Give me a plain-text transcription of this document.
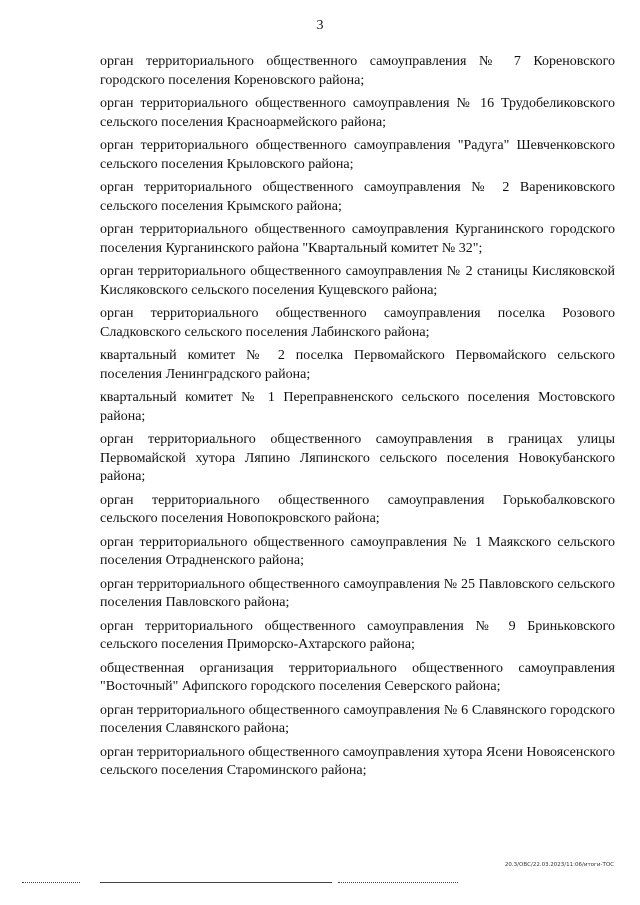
3
орган территориального общественного самоуправления № 7 Кореновского городского поселения Кореновского района;
орган территориального общественного самоуправления № 16 Трудобеликовского сельского поселения Красноармейского района;
орган территориального общественного самоуправления "Радуга" Шевченковского сельского поселения Крыловского района;
орган территориального общественного самоуправления № 2 Варениковского сельского поселения Крымского района;
орган территориального общественного самоуправления Курганинского городского поселения Курганинского района "Квартальный комитет № 32";
орган территориального общественного самоуправления № 2 станицы Кисляковской Кисляковского сельского поселения Кущевского района;
орган территориального общественного самоуправления поселка Розового Сладковского сельского поселения Лабинского района;
квартальный комитет № 2 поселка Первомайского Первомайского сельского поселения Ленинградского района;
квартальный комитет № 1 Переправненского сельского поселения Мостовского района;
орган территориального общественного самоуправления в границах улицы Первомайской хутора Ляпино Ляпинского сельского поселения Новокубанского района;
орган территориального общественного самоуправления Горькобалковского сельского поселения Новопокровского района;
орган территориального общественного самоуправления № 1 Маякского сельского поселения Отрадненского района;
орган территориального общественного самоуправления № 25 Павловского сельского поселения Павловского района;
орган территориального общественного самоуправления № 9 Бриньковского сельского поселения Приморско-Ахтарского района;
общественная организация территориального общественного самоуправления "Восточный" Афипского городского поселения Северского района;
орган территориального общественного самоуправления № 6 Славянского городского поселения Славянского района;
орган территориального общественного самоуправления хутора Ясени Новоясенского сельского поселения Староминского района;
20.3/ОВС/22.03.2023/11:06/итоги-ТОС
